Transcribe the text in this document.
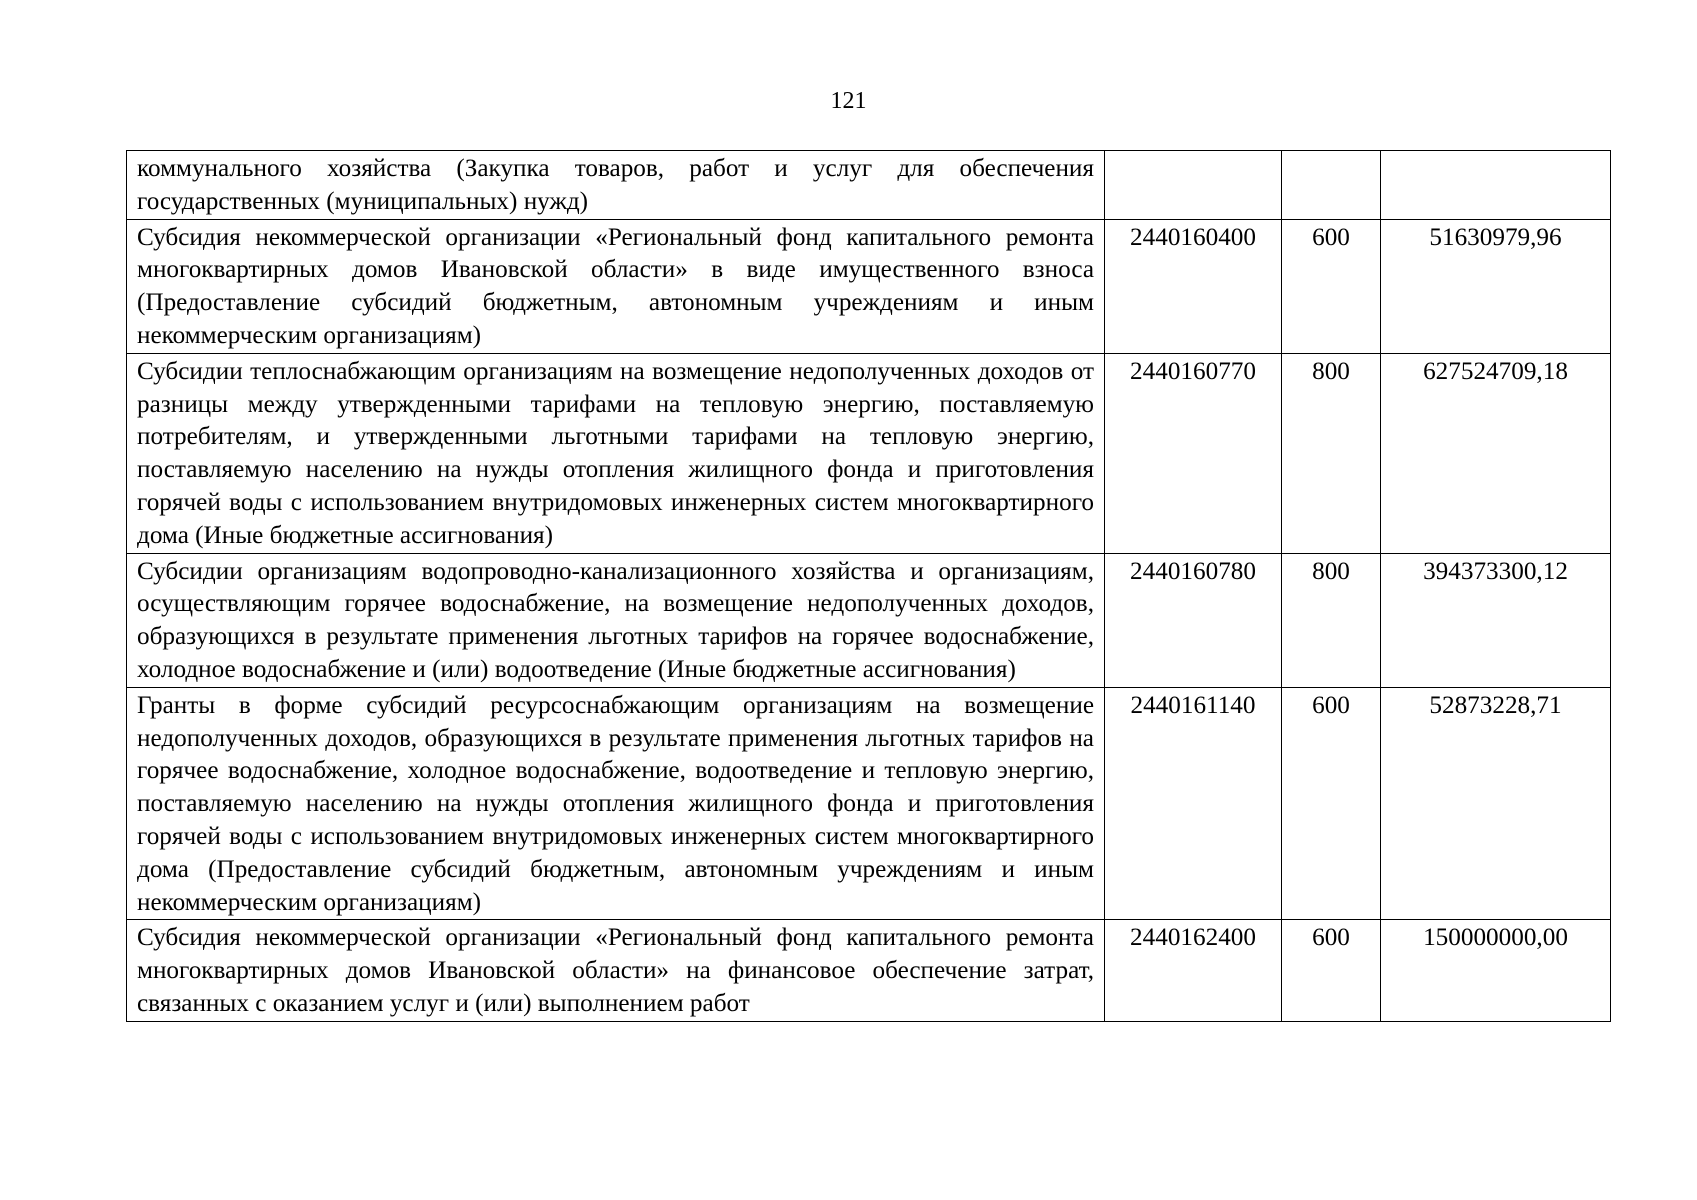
121
коммунального хозяйства (Закупка товаров, работ и услуг для обеспечения государственных (муниципальных) нужд)			
Субсидия некоммерческой организации «Региональный фонд капитального ремонта многоквартирных домов Ивановской области» в виде имущественного взноса (Предоставление субсидий бюджетным, автономным учреждениям и иным некоммерческим организациям)	2440160400	600	51630979,96
Субсидии теплоснабжающим организациям на возмещение недополученных доходов от разницы между утвержденными тарифами на тепловую энергию, поставляемую потребителям, и утвержденными льготными тарифами на тепловую энергию, поставляемую населению на нужды отопления жилищного фонда и приготовления горячей воды с использованием внутридомовых инженерных систем многоквартирного дома (Иные бюджетные ассигнования)	2440160770	800	627524709,18
Субсидии организациям водопроводно-канализационного хозяйства и организациям, осуществляющим горячее водоснабжение, на возмещение недополученных доходов, образующихся в результате применения льготных тарифов на горячее водоснабжение, холодное водоснабжение и (или) водоотведение (Иные бюджетные ассигнования)	2440160780	800	394373300,12
Гранты в форме субсидий ресурсоснабжающим организациям на возмещение недополученных доходов, образующихся в результате применения льготных тарифов на горячее водоснабжение, холодное водоснабжение, водоотведение и тепловую энергию, поставляемую населению на нужды отопления жилищного фонда и приготовления горячей воды с использованием внутридомовых инженерных систем многоквартирного дома (Предоставление субсидий бюджетным, автономным учреждениям и иным некоммерческим организациям)	2440161140	600	52873228,71
Субсидия некоммерческой организации «Региональный фонд капитального ремонта многоквартирных домов Ивановской области» на финансовое обеспечение затрат, связанных с оказанием услуг и (или) выполнением работ	2440162400	600	150000000,00
